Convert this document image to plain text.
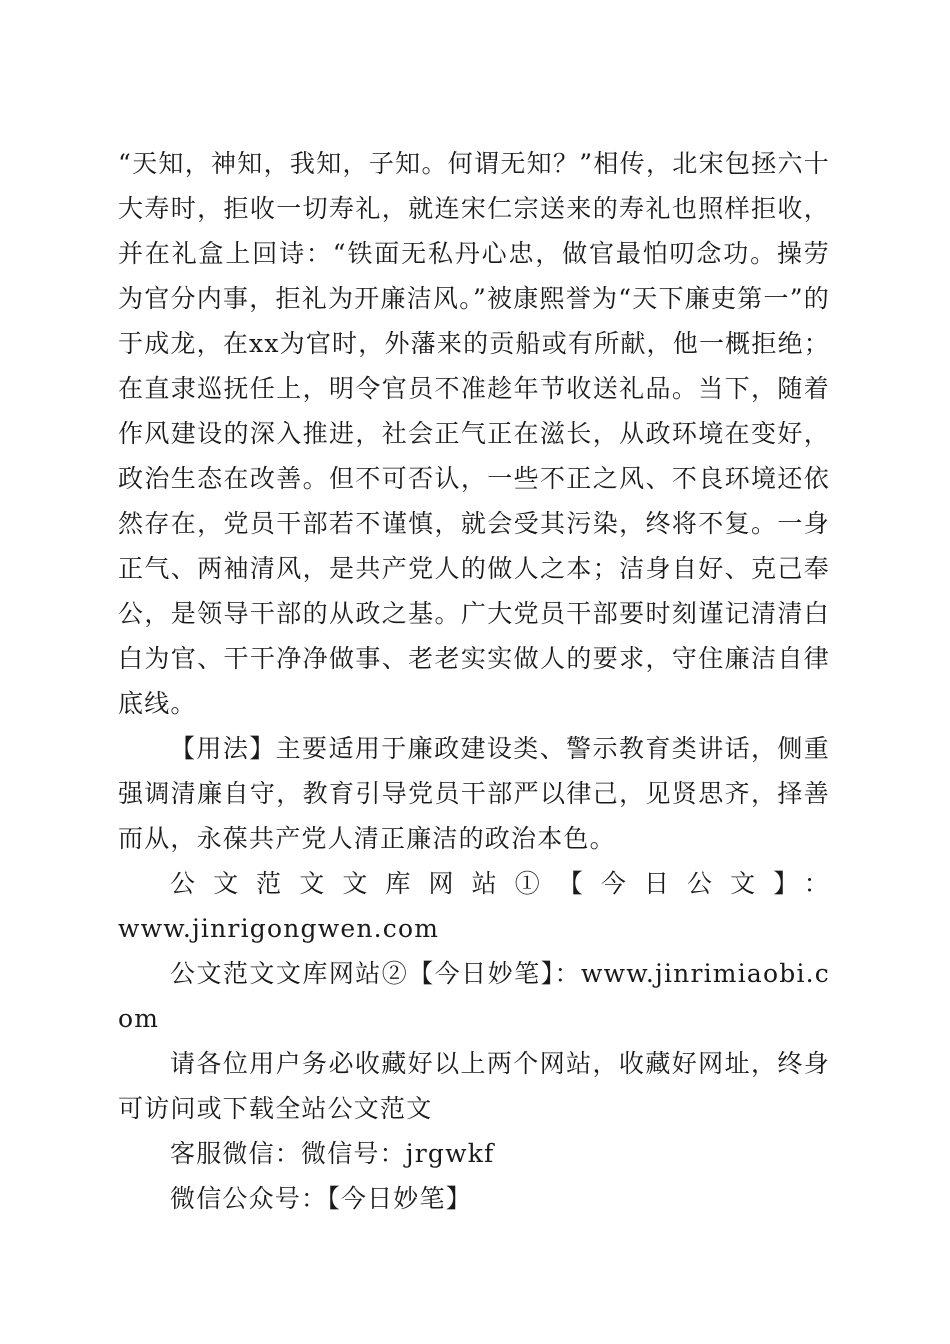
“天知，神知，我知，子知。何谓无知？”相传，北宋包拯六十大寿时，拒收一切寿礼，就连宋仁宗送来的寿礼也照样拒收，并在礼盒上回诗：“铁面无私丹心忠，做官最怕叨念功。操劳为官分内事，拒礼为开廉洁风。”被康熙誉为“天下廉吏第一”的于成龙，在xx为官时，外藩来的贡船或有所献，他一概拒绝；在直隶巡抚任上，明令官员不准趁年节收送礼品。当下，随着作风建设的深入推进，社会正气正在滋长，从政环境在变好，政治生态在改善。但不可否认，一些不正之风、不良环境还依然存在，党员干部若不谨慎，就会受其污染，终将不复。一身正气、两袖清风，是共产党人的做人之本；洁身自好、克己奉公，是领导干部的从政之基。广大党员干部要时刻谨记清清白白为官、干干净净做事、老老实实做人的要求，守住廉洁自律底线。

【用法】主要适用于廉政建设类、警示教育类讲话，侧重强调清廉自守，教育引导党员干部严以律己，见贤思齐，择善而从，永葆共产党人清正廉洁的政治本色。

公文范文文库网站①【今日公文】：

www.jinrigongwen.com

公文范文文库网站②【今日妙笔】：www.jinrimiaobi.com

请各位用户务必收藏好以上两个网站，收藏好网址，终身可访问或下载全站公文范文

客服微信：微信号：jrgwkf

微信公众号：【今日妙笔】
